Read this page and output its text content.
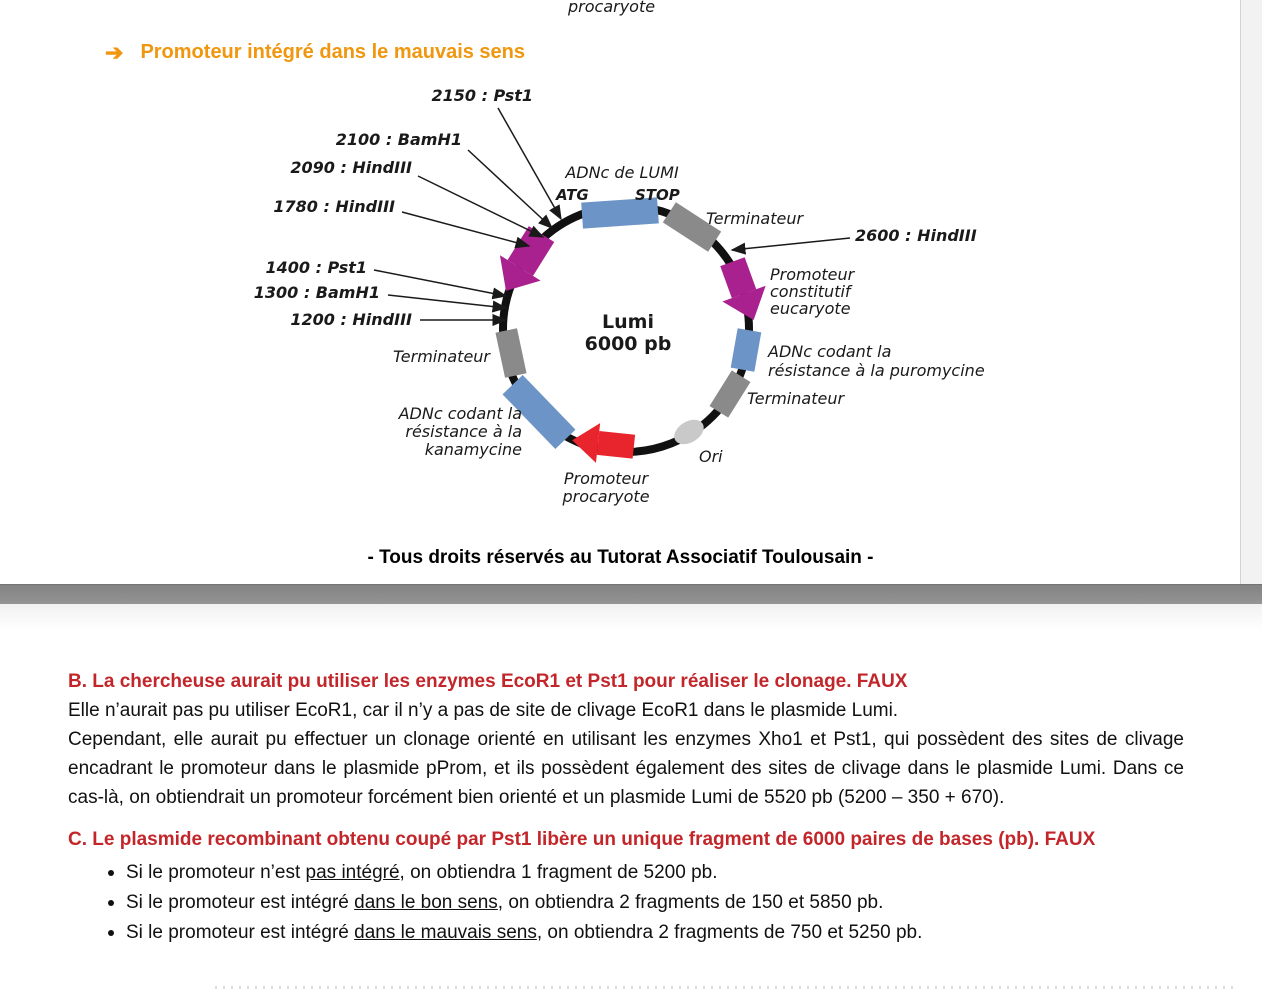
procaryote
➔ Promoteur intégré dans le mauvais sens
2150 : Pst1
2100 : BamH1
2090 : HindIII
1780 : HindIII
1400 : Pst1
1300 : BamH1
1200 : HindIII
2600 : HindIII
ADNc de LUMI
ATG	STOP
Terminateur
Promoteur
constitutif
eucaryote
ADNc codant la
résistance à la puromycine
Terminateur
Ori
Promoteur
procaryote
ADNc codant la
résistance à la
kanamycine
Terminateur
Lumi
6000 pb
- Tous droits réservés au Tutorat Associatif Toulousain -

B. La chercheuse aurait pu utiliser les enzymes EcoR1 et Pst1 pour réaliser le clonage. FAUX

Elle n’aurait pas pu utiliser EcoR1, car il n’y a pas de site de clivage EcoR1 dans le plasmide Lumi.

Cependant, elle aurait pu effectuer un clonage orienté en utilisant les enzymes Xho1 et Pst1, qui possèdent des sites de clivage encadrant le promoteur dans le plasmide pProm, et ils possèdent également des sites de clivage dans le plasmide Lumi. Dans ce cas-là, on obtiendrait un promoteur forcément bien orienté et un plasmide Lumi de 5520 pb (5200 – 350 + 670).

C. Le plasmide recombinant obtenu coupé par Pst1 libère un unique fragment de 6000 paires de bases (pb). FAUX

Si le promoteur n’est pas intégré, on obtiendra 1 fragment de 5200 pb.
Si le promoteur est intégré dans le bon sens, on obtiendra 2 fragments de 150 et 5850 pb.
Si le promoteur est intégré dans le mauvais sens, on obtiendra 2 fragments de 750 et 5250 pb.
